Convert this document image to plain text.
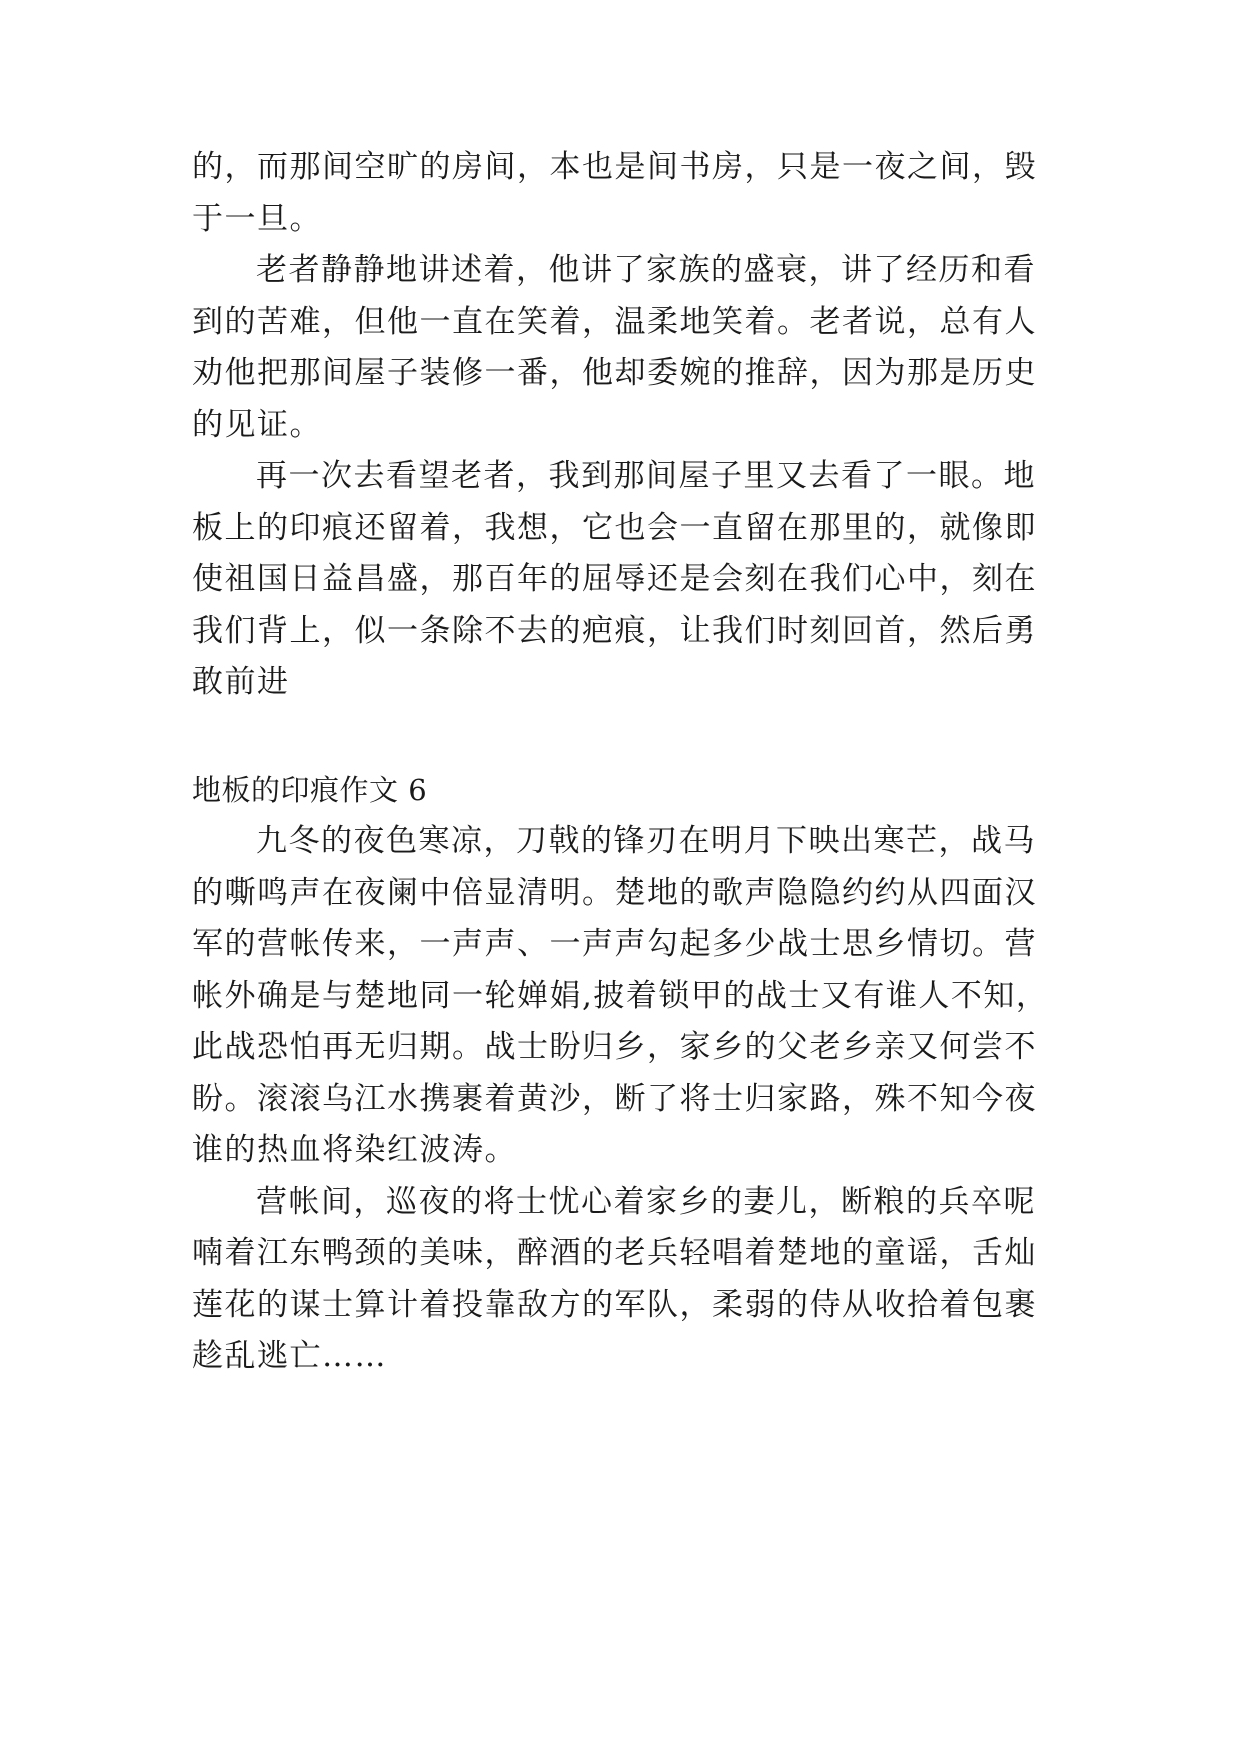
的，而那间空旷的房间，本也是间书房，只是一夜之间，毁
于一旦。
老者静静地讲述着，他讲了家族的盛衰，讲了经历和看
到的苦难，但他一直在笑着，温柔地笑着。老者说，总有人
劝他把那间屋子装修一番，他却委婉的推辞，因为那是历史
的见证。
再一次去看望老者，我到那间屋子里又去看了一眼。地
板上的印痕还留着，我想，它也会一直留在那里的，就像即
使祖国日益昌盛，那百年的屈辱还是会刻在我们心中，刻在
我们背上，似一条除不去的疤痕，让我们时刻回首，然后勇
敢前进
地板的印痕作文 6
九冬的夜色寒凉，刀戟的锋刃在明月下映出寒芒，战马
的嘶鸣声在夜阑中倍显清明。楚地的歌声隐隐约约从四面汉
军的营帐传来，一声声、一声声勾起多少战士思乡情切。营
帐外确是与楚地同一轮婵娟,披着锁甲的战士又有谁人不知，
此战恐怕再无归期。战士盼归乡，家乡的父老乡亲又何尝不
盼。滚滚乌江水携裹着黄沙，断了将士归家路，殊不知今夜
谁的热血将染红波涛。
营帐间，巡夜的将士忧心着家乡的妻儿，断粮的兵卒呢
喃着江东鸭颈的美味，醉酒的老兵轻唱着楚地的童谣，舌灿
莲花的谋士算计着投靠敌方的军队，柔弱的侍从收拾着包裹
趁乱逃亡……
